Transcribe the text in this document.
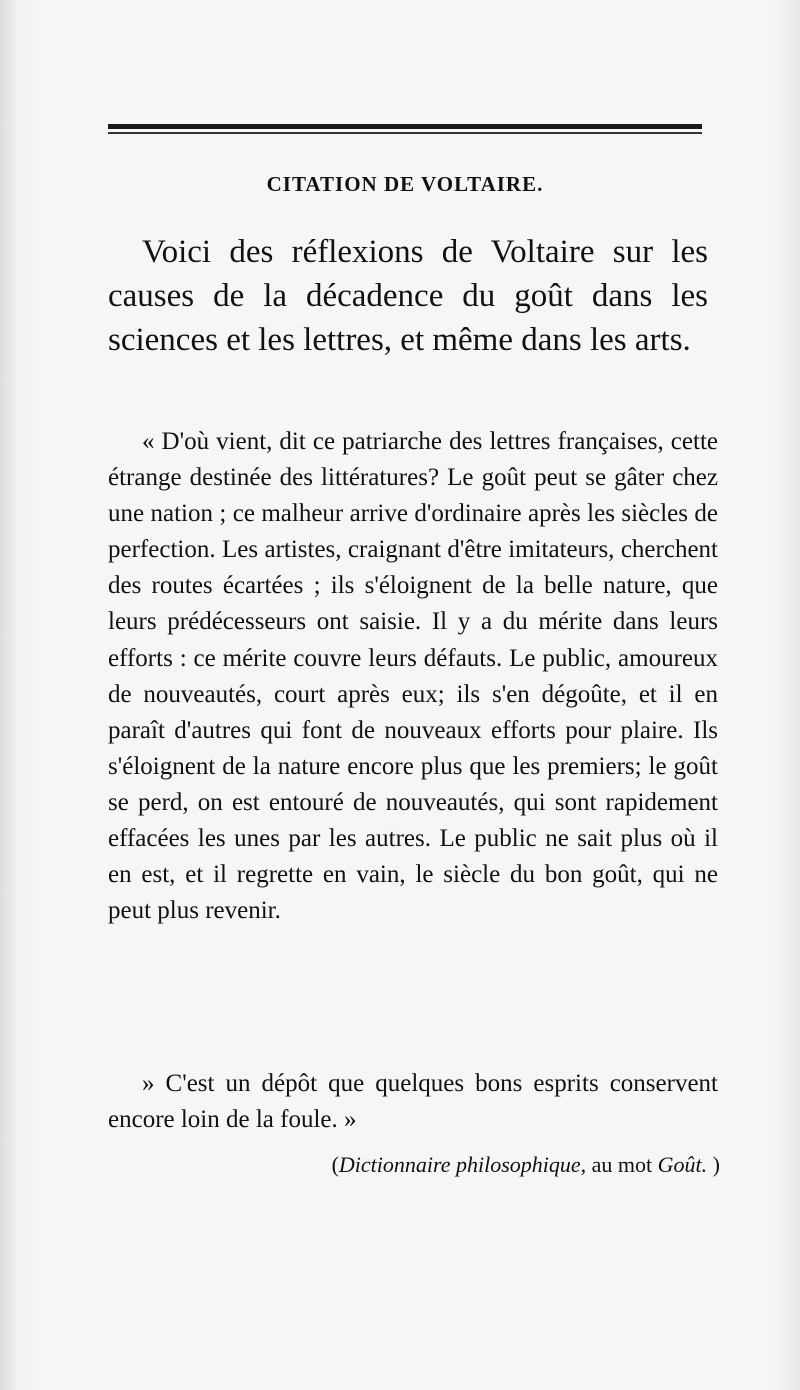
CITATION DE VOLTAIRE.

Voici des réflexions de Voltaire sur les causes de la décadence du goût dans les sciences et les lettres, et même dans les arts.

« D'où vient, dit ce patriarche des lettres françaises, cette étrange destinée des littératures? Le goût peut se gâter chez une nation ; ce malheur arrive d'ordinaire après les siècles de perfection. Les artistes, craignant d'être imitateurs, cherchent des routes écartées ; ils s'éloignent de la belle nature, que leurs prédécesseurs ont saisie. Il y a du mérite dans leurs efforts : ce mérite couvre leurs défauts. Le public, amoureux de nouveautés, court après eux; ils s'en dégoûte, et il en paraît d'autres qui font de nouveaux efforts pour plaire. Ils s'éloignent de la nature encore plus que les premiers; le goût se perd, on est entouré de nouveautés, qui sont rapidement effacées les unes par les autres. Le public ne sait plus où il en est, et il regrette en vain, le siècle du bon goût, qui ne peut plus revenir.

» C'est un dépôt que quelques bons esprits conservent encore loin de la foule. »

(Dictionnaire philosophique, au mot Goût. )
